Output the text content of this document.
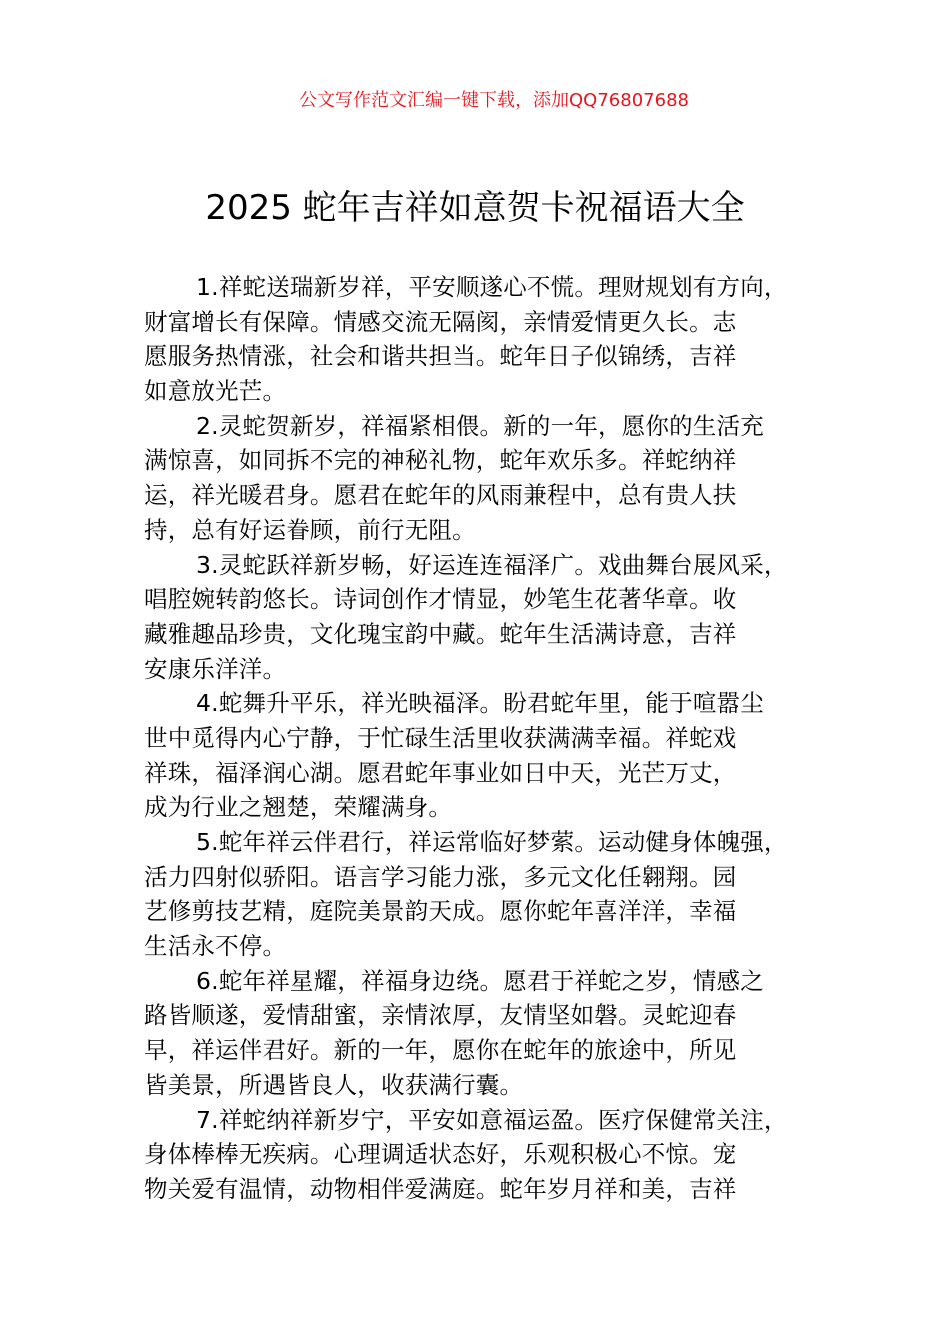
公文写作范文汇编一键下载，添加QQ76807688
2025 蛇年吉祥如意贺卡祝福语大全
1.祥蛇送瑞新岁祥，平安顺遂心不慌。理财规划有方向，
财富增长有保障。情感交流无隔阂，亲情爱情更久长。志
愿服务热情涨，社会和谐共担当。蛇年日子似锦绣，吉祥
如意放光芒。
2.灵蛇贺新岁，祥福紧相偎。新的一年，愿你的生活充
满惊喜，如同拆不完的神秘礼物，蛇年欢乐多。祥蛇纳祥
运，祥光暖君身。愿君在蛇年的风雨兼程中，总有贵人扶
持，总有好运眷顾，前行无阻。
3.灵蛇跃祥新岁畅，好运连连福泽广。戏曲舞台展风采，
唱腔婉转韵悠长。诗词创作才情显，妙笔生花著华章。收
藏雅趣品珍贵，文化瑰宝韵中藏。蛇年生活满诗意，吉祥
安康乐洋洋。
4.蛇舞升平乐，祥光映福泽。盼君蛇年里，能于喧嚣尘
世中觅得内心宁静，于忙碌生活里收获满满幸福。祥蛇戏
祥珠，福泽润心湖。愿君蛇年事业如日中天，光芒万丈，
成为行业之翘楚，荣耀满身。
5.蛇年祥云伴君行，祥运常临好梦萦。运动健身体魄强，
活力四射似骄阳。语言学习能力涨，多元文化任翱翔。园
艺修剪技艺精，庭院美景韵天成。愿你蛇年喜洋洋，幸福
生活永不停。
6.蛇年祥星耀，祥福身边绕。愿君于祥蛇之岁，情感之
路皆顺遂，爱情甜蜜，亲情浓厚，友情坚如磐。灵蛇迎春
早，祥运伴君好。新的一年，愿你在蛇年的旅途中，所见
皆美景，所遇皆良人，收获满行囊。
7.祥蛇纳祥新岁宁，平安如意福运盈。医疗保健常关注，
身体棒棒无疾病。心理调适状态好，乐观积极心不惊。宠
物关爱有温情，动物相伴爱满庭。蛇年岁月祥和美，吉祥
